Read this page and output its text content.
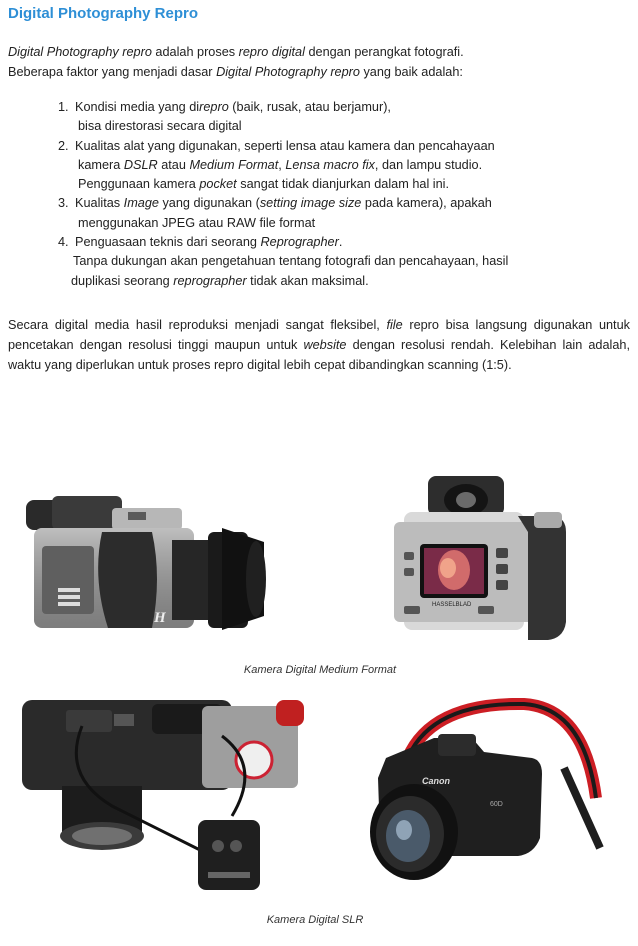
Digital Photography Repro

Digital Photography repro adalah proses repro digital dengan perangkat fotografi.
Beberapa faktor yang menjadi dasar Digital Photography repro yang baik adalah:

1. Kondisi media yang direpro (baik, rusak, atau berjamur),
bisa direstorasi secara digital
2. Kualitas alat yang digunakan, seperti lensa atau kamera dan pencahayaan
kamera DSLR atau Medium Format, Lensa macro fix, dan lampu studio.
Penggunaan kamera pocket sangat tidak dianjurkan dalam hal ini.
3. Kualitas Image yang digunakan (setting image size pada kamera), apakah
menggunakan JPEG atau RAW file format
4. Penguasaan teknis dari seorang Reprographer.
Tanpa dukungan akan pengetahuan tentang fotografi dan pencahayaan, hasil
duplikasi seorang reprographer tidak akan maksimal.

Secara digital media hasil reproduksi menjadi sangat fleksibel, file repro bisa langsung digunakan untuk pencetakan dengan resolusi tinggi maupun untuk website dengan resolusi rendah. Kelebihan lain adalah, waktu yang diperlukan untuk proses repro digital lebih cepat dibandingkan scanning (1:5).

H
HASSELBLAD
Kamera Digital Medium Format
Canon
60D
Kamera Digital SLR
